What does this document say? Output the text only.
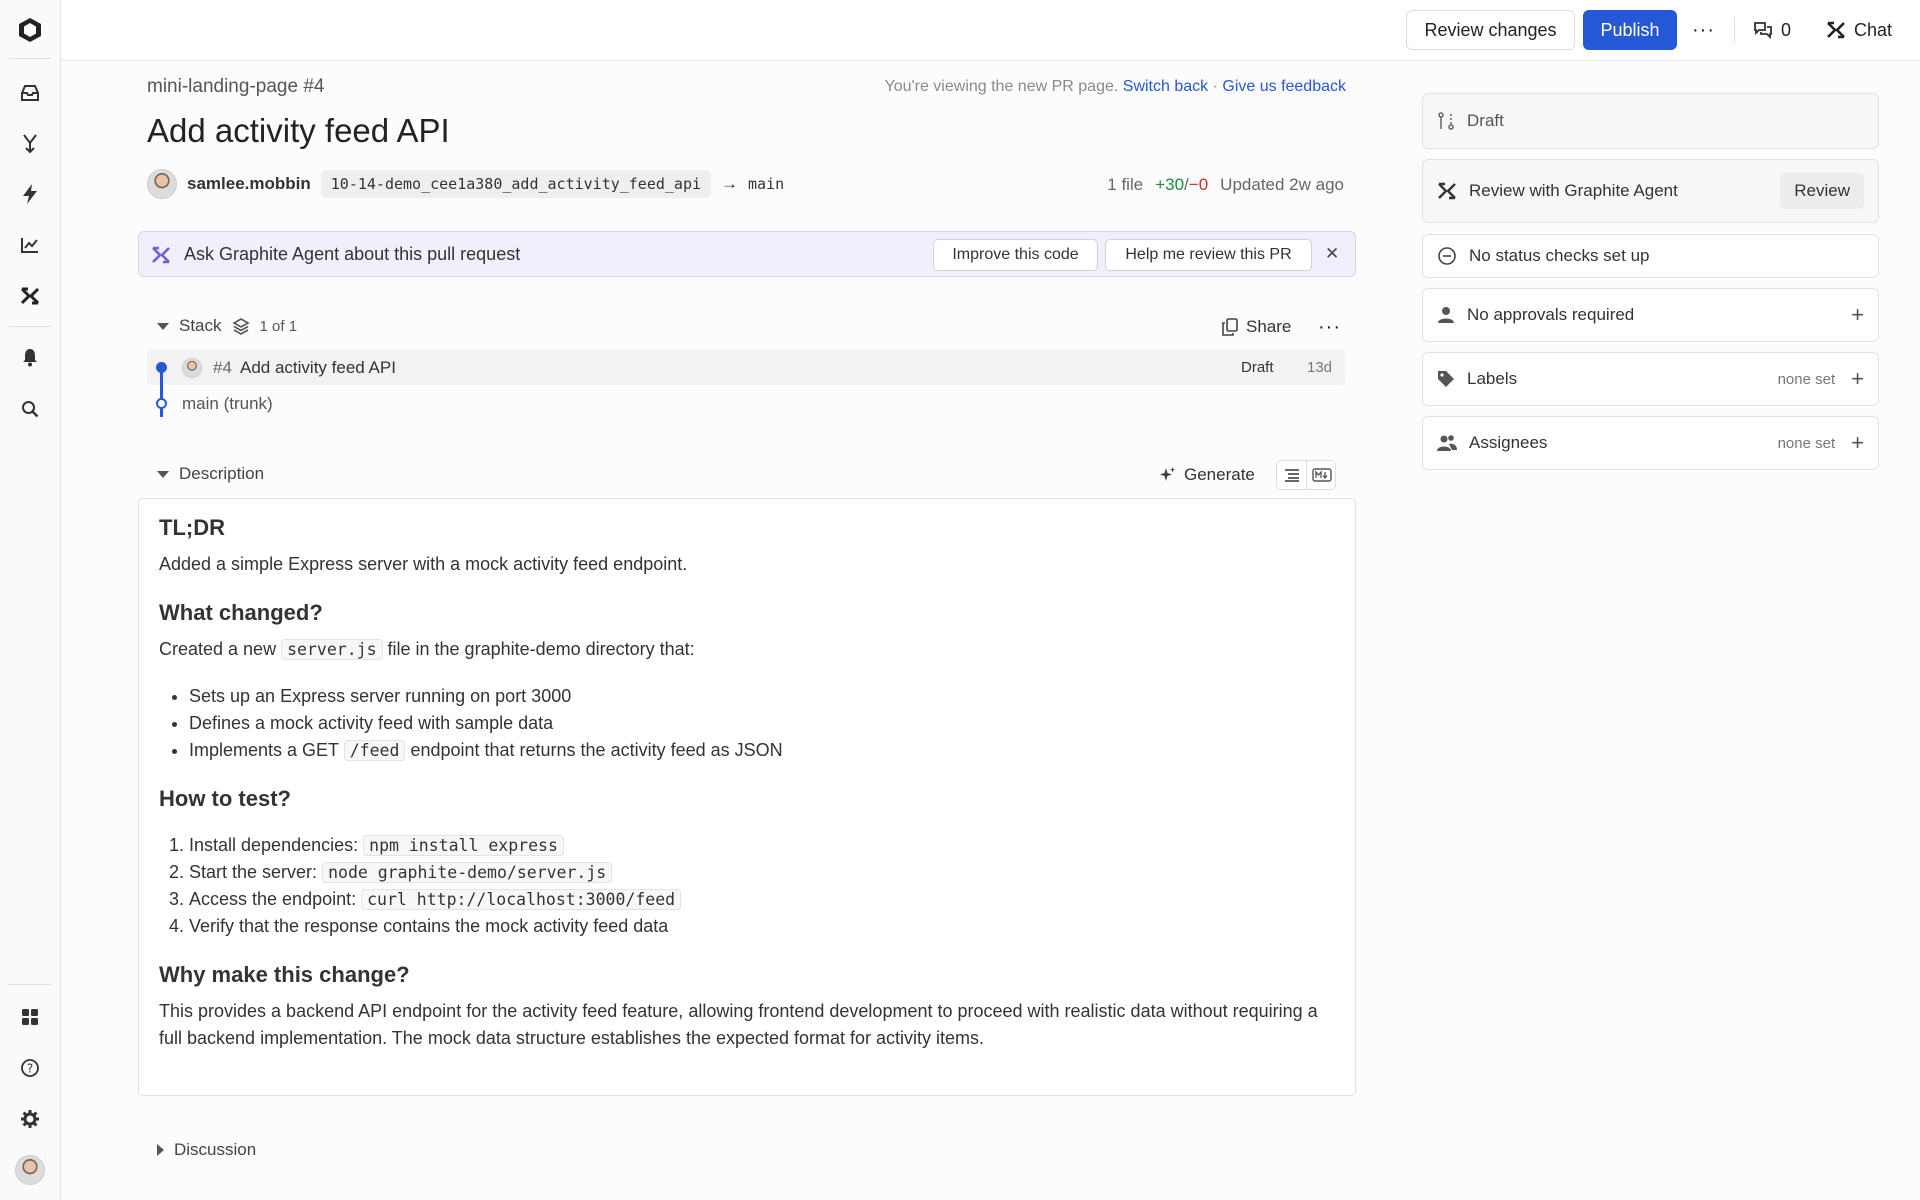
?
Review changes	Publish	···	0	Chat
mini-landing-page #4	You're viewing the new PR page. Switch back · Give us feedback
Add activity feed API
samlee.mobbin	10-14-demo_cee1a380_add_activity_feed_api	→ main	1 file +30/−0 Updated 2w ago
Ask Graphite Agent about this pull request	Improve this code	Help me review this PR	✕
Stack	1 of 1	Share ···
#4 Add activity feed API	Draft 13d
main (trunk)
Description	Generate
TL;DR

Added a simple Express server with a mock activity feed endpoint.

What changed?

Created a new server.js file in the graphite-demo directory that:

• Sets up an Express server running on port 3000
• Defines a mock activity feed with sample data
• Implements a GET /feed endpoint that returns the activity feed as JSON
How to test?
1. Install dependencies: npm install express
2. Start the server: node graphite-demo/server.js
3. Access the endpoint: curl http://localhost:3000/feed
4. Verify that the response contains the mock activity feed data
Why make this change?

This provides a backend API endpoint for the activity feed feature, allowing frontend development to proceed with realistic data without requiring a full backend implementation. The mock data structure establishes the expected format for activity items.

Discussion
Draft
Review with Graphite Agent	Review
No status checks set up
No approvals required	+
Labels	none set +
Assignees	none set +
